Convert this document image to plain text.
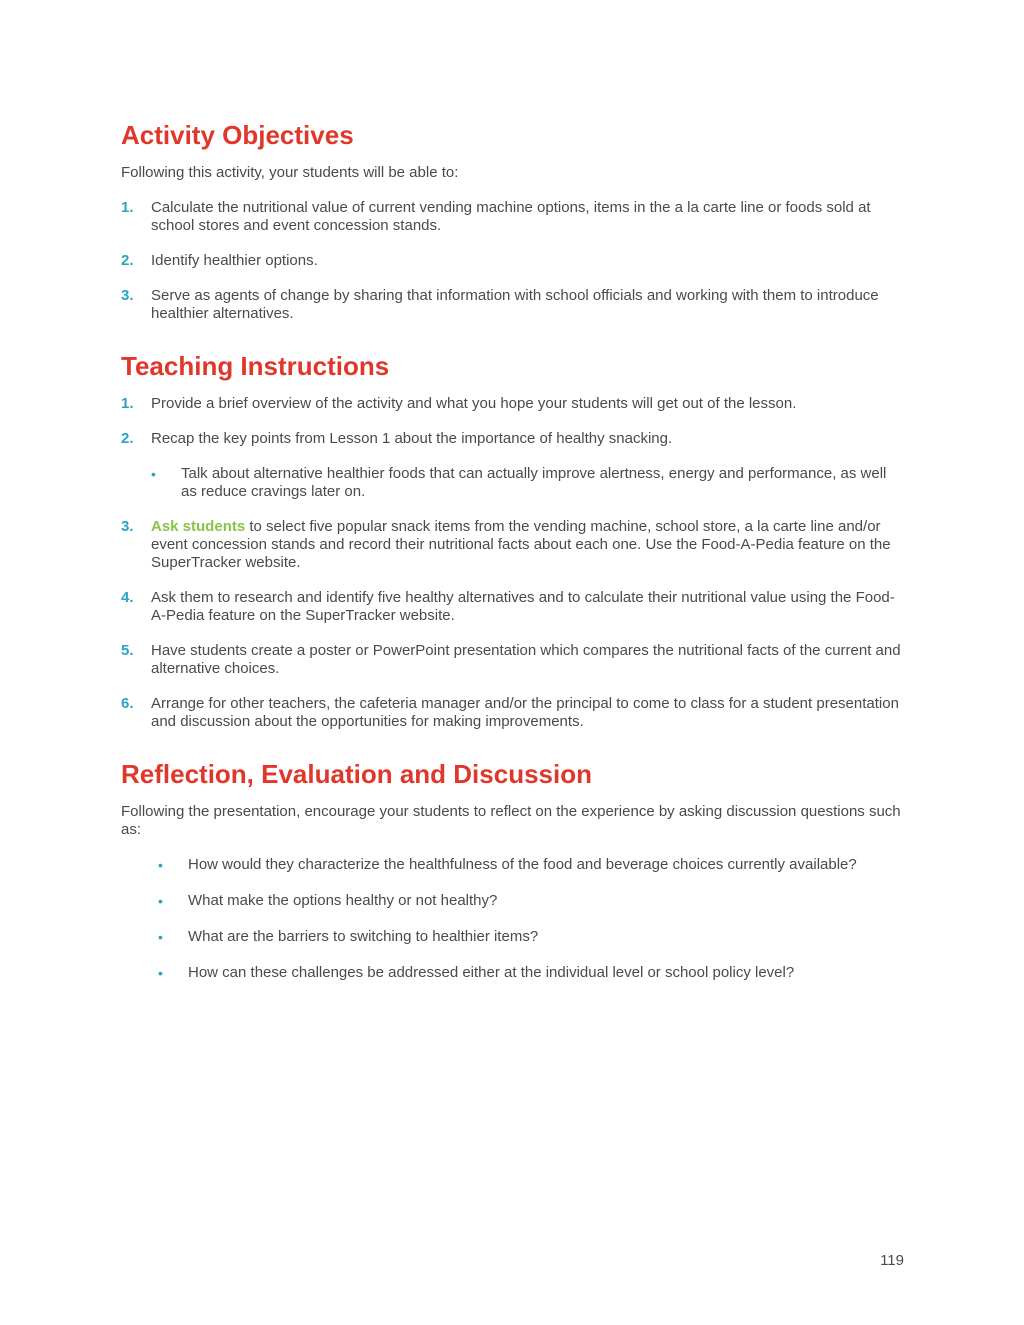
Activity Objectives

Following this activity, your students will be able to:

1. Calculate the nutritional value of current vending machine options, items in the a la carte line or foods sold at school stores and event concession stands.
2. Identify healthier options.
3. Serve as agents of change by sharing that information with school officials and working with them to introduce healthier alternatives.
Teaching Instructions
1. Provide a brief overview of the activity and what you hope your students will get out of the lesson.
2. Recap the key points from Lesson 1 about the importance of healthy snacking.
• Talk about alternative healthier foods that can actually improve alertness, energy and performance, as well as reduce cravings later on.
3. Ask students to select five popular snack items from the vending machine, school store, a la carte line and/or event concession stands and record their nutritional facts about each one. Use the Food-A-Pedia feature on the SuperTracker website.
4. Ask them to research and identify five healthy alternatives and to calculate their nutritional value using the Food-A-Pedia feature on the SuperTracker website.
5. Have students create a poster or PowerPoint presentation which compares the nutritional facts of the current and alternative choices.
6. Arrange for other teachers, the cafeteria manager and/or the principal to come to class for a student presentation and discussion about the opportunities for making improvements.
Reflection, Evaluation and Discussion

Following the presentation, encourage your students to reflect on the experience by asking discussion questions such as:

• How would they characterize the healthfulness of the food and beverage choices currently available?
• What make the options healthy or not healthy?
• What are the barriers to switching to healthier items?
• How can these challenges be addressed either at the individual level or school policy level?
119
